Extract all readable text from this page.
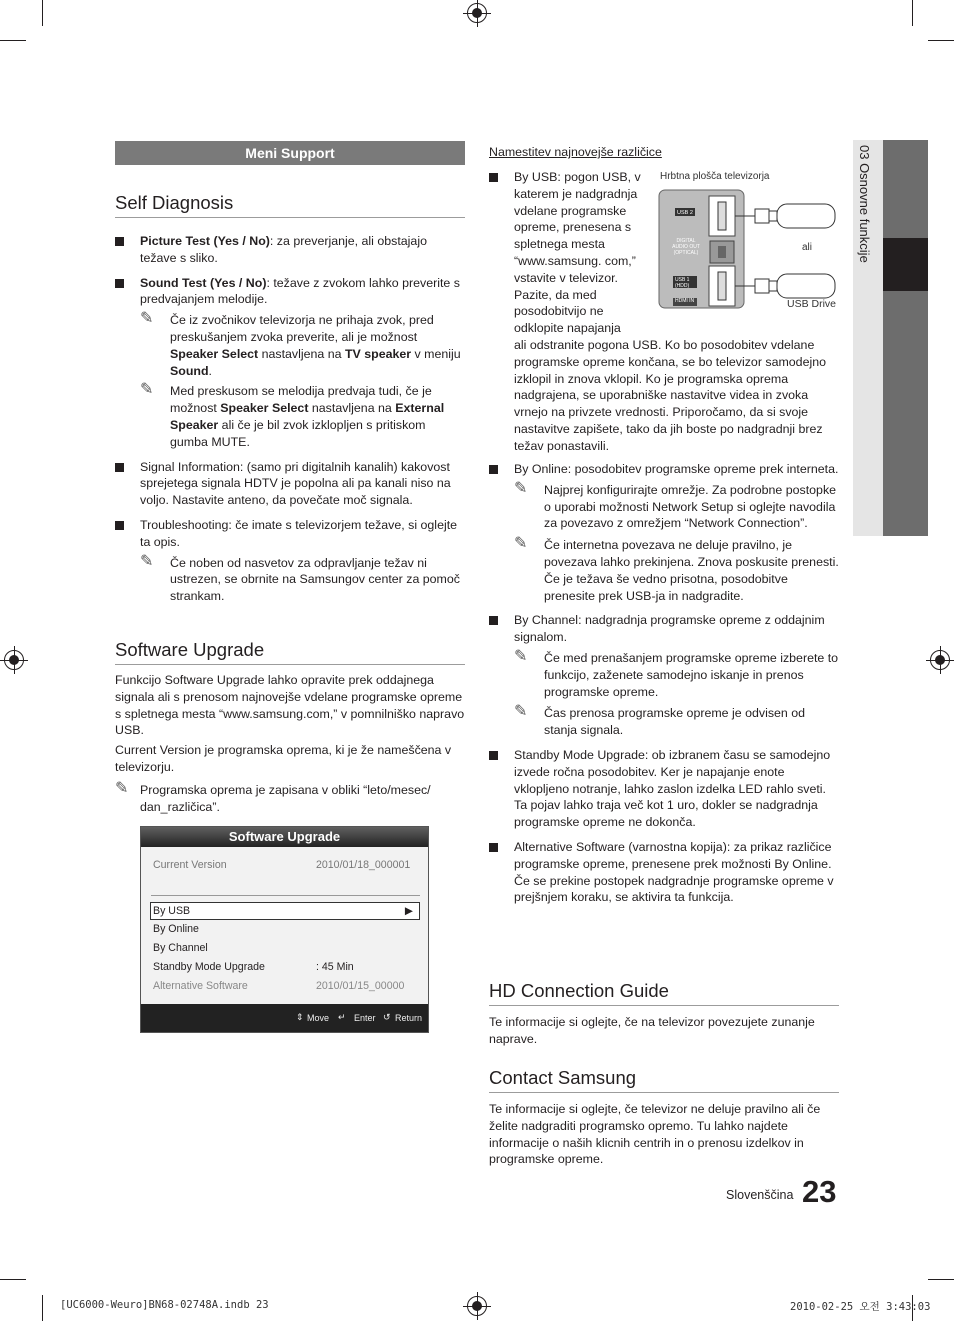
03 Osnovne funkcije
Meni Support
Self Diagnosis

Picture Test (Yes / No): za preverjanje, ali obstajajo težave s sliko.

Sound Test (Yes / No): težave z zvokom lahko preverite s predvajanjem melodije.

✎ Če iz zvočnikov televizorja ne prihaja zvok, pred preskušanjem zvoka preverite, ali je možnost Speaker Select nastavljena na TV speaker v meniju Sound.

✎ Med preskusom se melodija predvaja tudi, če je možnost Speaker Select nastavljena na External Speaker ali če je bil zvok izklopljen s pritiskom gumba MUTE.

Signal Information: (samo pri digitalnih kanalih) kakovost sprejetega signala HDTV je popolna ali pa kanali niso na voljo. Nastavite anteno, da povečate moč signala.

Troubleshooting: če imate s televizorjem težave, si oglejte ta opis.

✎ Če noben od nasvetov za odpravljanje težav ni ustrezen, se obrnite na Samsungov center za pomoč strankam.

Software Upgrade

Funkcijo Software Upgrade lahko opravite prek oddajnega signala ali s prenosom najnovejše vdelane programske opreme s spletnega mesta “www.samsung.com,” v pomnilniško napravo USB.

Current Version je programska oprema, ki je že nameščena v televizorju.

✎ Programska oprema je zapisana v obliki “leto/mesec/ dan_različica”.

Software Upgrade
Current Version	2010/01/18_000001
By USB	▶
By Online
By Channel
Standby Mode Upgrade	: 45 Min
Alternative Software	2010/01/15_00000
⇕ Move ↵ Enter ↺ Return

Namestitev najnovejše različice

By USB: pogon USB, v katerem je nadgradnja vdelane programske opreme, prenesena s spletnega mesta “www.samsung. com,” vstavite v televizor. Pazite, da med posodobitvijo ne odklopite napajanja

Hrbtna plošča televizorja
USB 2
DIGITAL AUDIO OUT (OPTICAL)
USB 1 (HDD)
HDMI IN
ali
USB Drive

ali odstranite pogona USB. Ko bo posodobitev vdelane programske opreme končana, se bo televizor samodejno izklopil in znova vklopil. Ko je programska oprema nadgrajena, se uporabniške nastavitve videa in zvoka vrnejo na privzete vrednosti. Priporočamo, da si svoje nastavitve zapišete, tako da jih boste po nadgradnji brez težav ponastavili.

By Online: posodobitev programske opreme prek interneta.

✎ Najprej konfigurirajte omrežje. Za podrobne postopke o uporabi možnosti Network Setup si oglejte navodila za povezavo z omrežjem “Network Connection”.

✎ Če internetna povezava ne deluje pravilno, je povezava lahko prekinjena. Znova poskusite prenesti. Če je težava še vedno prisotna, posodobitve prenesite prek USB-ja in nadgradite.

By Channel: nadgradnja programske opreme z oddajnim signalom.

✎ Če med prenašanjem programske opreme izberete to funkcijo, zaženete samodejno iskanje in prenos programske opreme.

✎ Čas prenosa programske opreme je odvisen od stanja signala.

Standby Mode Upgrade: ob izbranem času se samodejno izvede ročna posodobitev. Ker je napajanje enote vklopljeno notranje, lahko zaslon izdelka LED rahlo sveti. Ta pojav lahko traja več kot 1 uro, dokler se nadgradnja programske opreme ne dokonča.

Alternative Software (varnostna kopija): za prikaz različice programske opreme, prenesene prek možnosti By Online. Če se prekine postopek nadgradnje programske opreme v prejšnjem koraku, se aktivira ta funkcija.

HD Connection Guide

Te informacije si oglejte, če na televizor povezujete zunanje naprave.

Contact Samsung

Te informacije si oglejte, če televizor ne deluje pravilno ali če želite nadgraditi programsko opremo. Tu lahko najdete informacije o naših klicnih centrih in o prenosu izdelkov in programske opreme.

Slovenščina 23
[UC6000-Weuro]BN68-02748A.indb 23	2010-02-25 오전 3:43:03
